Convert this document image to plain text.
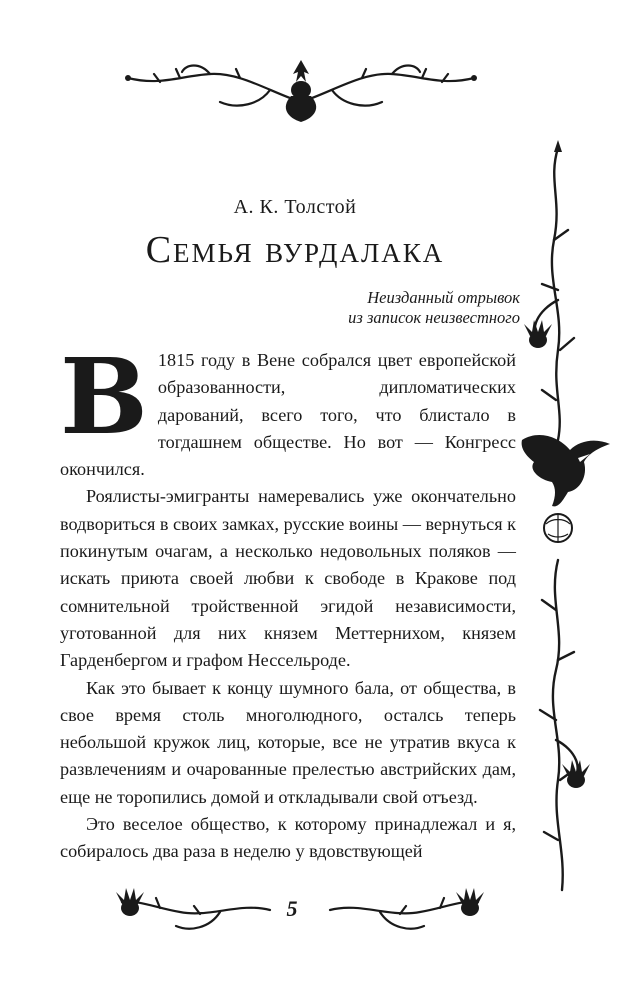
А. К. Толстой
Семья вурдалака
Неизданный отрывок
из записок неизвестного

В 1815 году в Вене собрался цвет европейской образованности, дипломатических дарований, всего того, что блистало в тогдашнем обществе. Но вот — Конгресс окончился.

Роялисты-эмигранты намеревались уже окончательно водвориться в своих замках, русские воины — вернуться к покинутым очагам, а несколько недовольных поляков — искать приюта своей любви к свободе в Кракове под сомнительной тройственной эгидой независимости, уготованной для них князем Меттернихом, князем Гарденбергом и графом Нессельроде.

Как это бывает к концу шумного бала, от общества, в свое время столь многолюдного, осталсь теперь небольшой кружок лиц, которые, все не утратив вкуса к развлечениям и очарованные прелестью австрийских дам, еще не торопились домой и откладывали свой отъезд.

Это веселое общество, к которому принадлежал и я, собиралось два раза в неделю у вдовствующей

5
